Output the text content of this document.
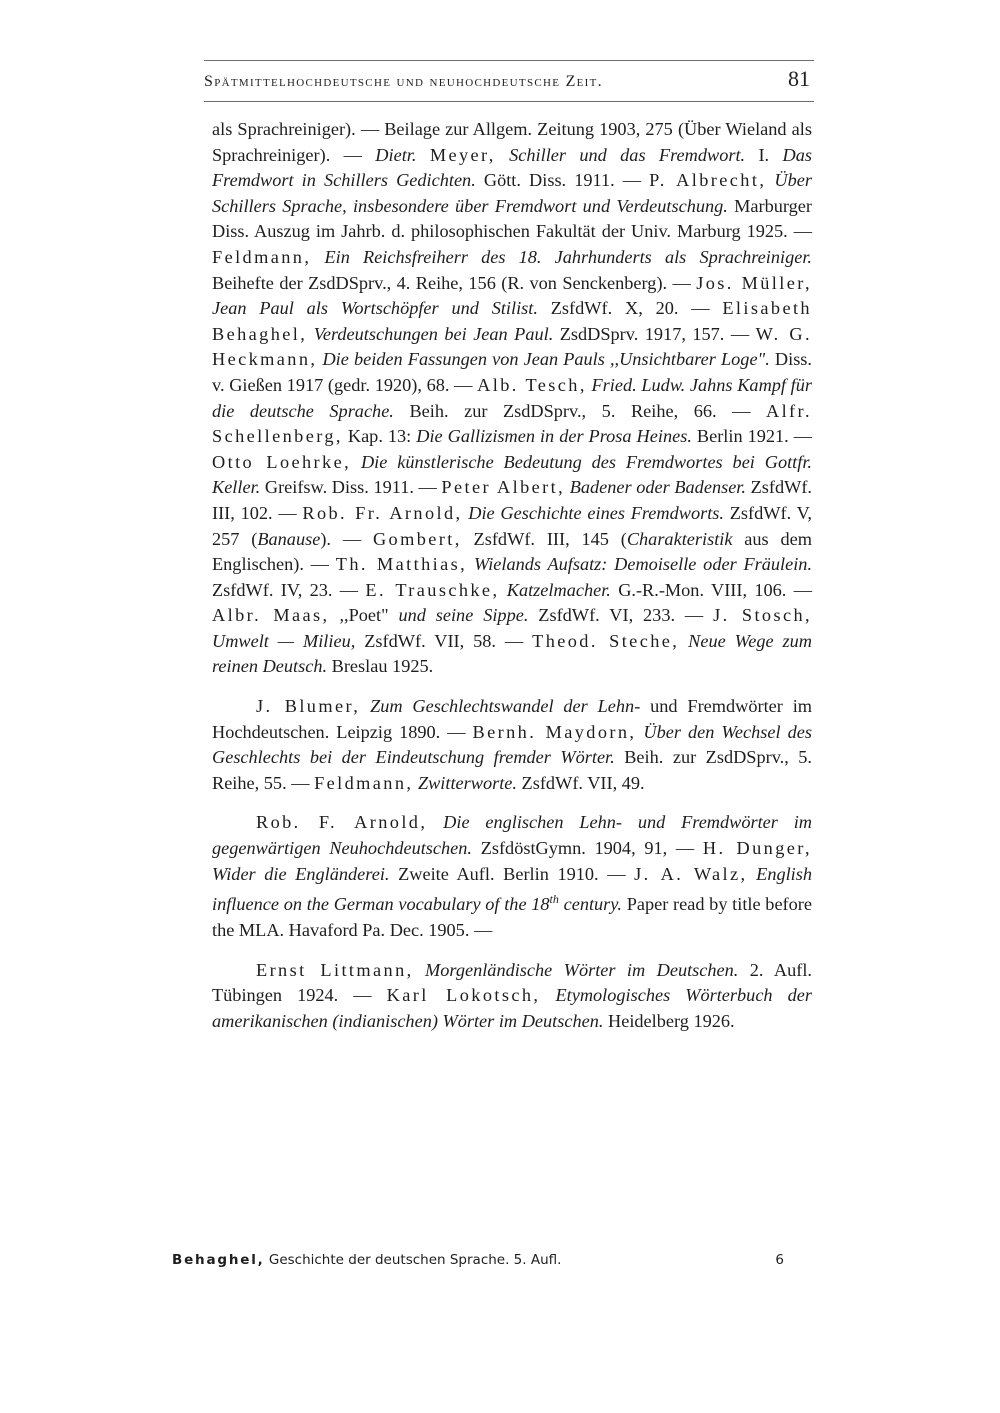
Spätmittelhochdeutsche und neuhochdeutsche Zeit.	81

als Sprachreiniger). — Beilage zur Allgem. Zeitung 1903, 275 (Über Wieland als Sprachreiniger). — Dietr. Meyer, Schiller und das Fremdwort. I. Das Fremdwort in Schillers Gedichten. Gött. Diss. 1911. — P. Albrecht, Über Schillers Sprache, insbesondere über Fremdwort und Verdeutschung. Marburger Diss. Auszug im Jahrb. d. philosophischen Fakultät der Univ. Marburg 1925. — Feldmann, Ein Reichsfreiherr des 18. Jahrhunderts als Sprachreiniger. Beihefte der ZsdDSprv., 4. Reihe, 156 (R. von Senckenberg). — Jos. Müller, Jean Paul als Wortschöpfer und Stilist. ZsfdWf. X, 20. — Elisabeth Behaghel, Verdeutschungen bei Jean Paul. ZsdDSprv. 1917, 157. — W. G. Heckmann, Die beiden Fassungen von Jean Pauls ,,Unsichtbarer Loge". Diss. v. Gießen 1917 (gedr. 1920), 68. — Alb. Tesch, Fried. Ludw. Jahns Kampf für die deutsche Sprache. Beih. zur ZsdDSprv., 5. Reihe, 66. — Alfr. Schellenberg, Kap. 13: Die Gallizismen in der Prosa Heines. Berlin 1921. — Otto Loehrke, Die künstlerische Bedeutung des Fremdwortes bei Gottfr. Keller. Greifsw. Diss. 1911. — Peter Albert, Badener oder Badenser. ZsfdWf. III, 102. — Rob. Fr. Arnold, Die Geschichte eines Fremdworts. ZsfdWf. V, 257 (Banause). — Gombert, ZsfdWf. III, 145 (Charakteristik aus dem Englischen). — Th. Matthias, Wielands Aufsatz: Demoiselle oder Fräulein. ZsfdWf. IV, 23. — E. Trauschke, Katzelmacher. G.-R.-Mon. VIII, 106. — Albr. Maas, ,,Poet" und seine Sippe. ZsfdWf. VI, 233. — J. Stosch, Umwelt — Milieu, ZsfdWf. VII, 58. — Theod. Steche, Neue Wege zum reinen Deutsch. Breslau 1925.

J. Blumer, Zum Geschlechtswandel der Lehn- und Fremdwörter im Hochdeutschen. Leipzig 1890. — Bernh. Maydorn, Über den Wechsel des Geschlechts bei der Eindeutschung fremder Wörter. Beih. zur ZsdDSprv., 5. Reihe, 55. — Feldmann, Zwitterworte. ZsfdWf. VII, 49.

Rob. F. Arnold, Die englischen Lehn- und Fremdwörter im gegenwärtigen Neuhochdeutschen. ZsfdöstGymn. 1904, 91, — H. Dunger, Wider die Engländerei. Zweite Aufl. Berlin 1910. — J. A. Walz, English influence on the German vocabulary of the 18th century. Paper read by title before the MLA. Havaford Pa. Dec. 1905. —

Ernst Littmann, Morgenländische Wörter im Deutschen. 2. Aufl. Tübingen 1924. — Karl Lokotsch, Etymologisches Wörterbuch der amerikanischen (indianischen) Wörter im Deutschen. Heidelberg 1926.

Behaghel, Geschichte der deutschen Sprache. 5. Aufl.	6
